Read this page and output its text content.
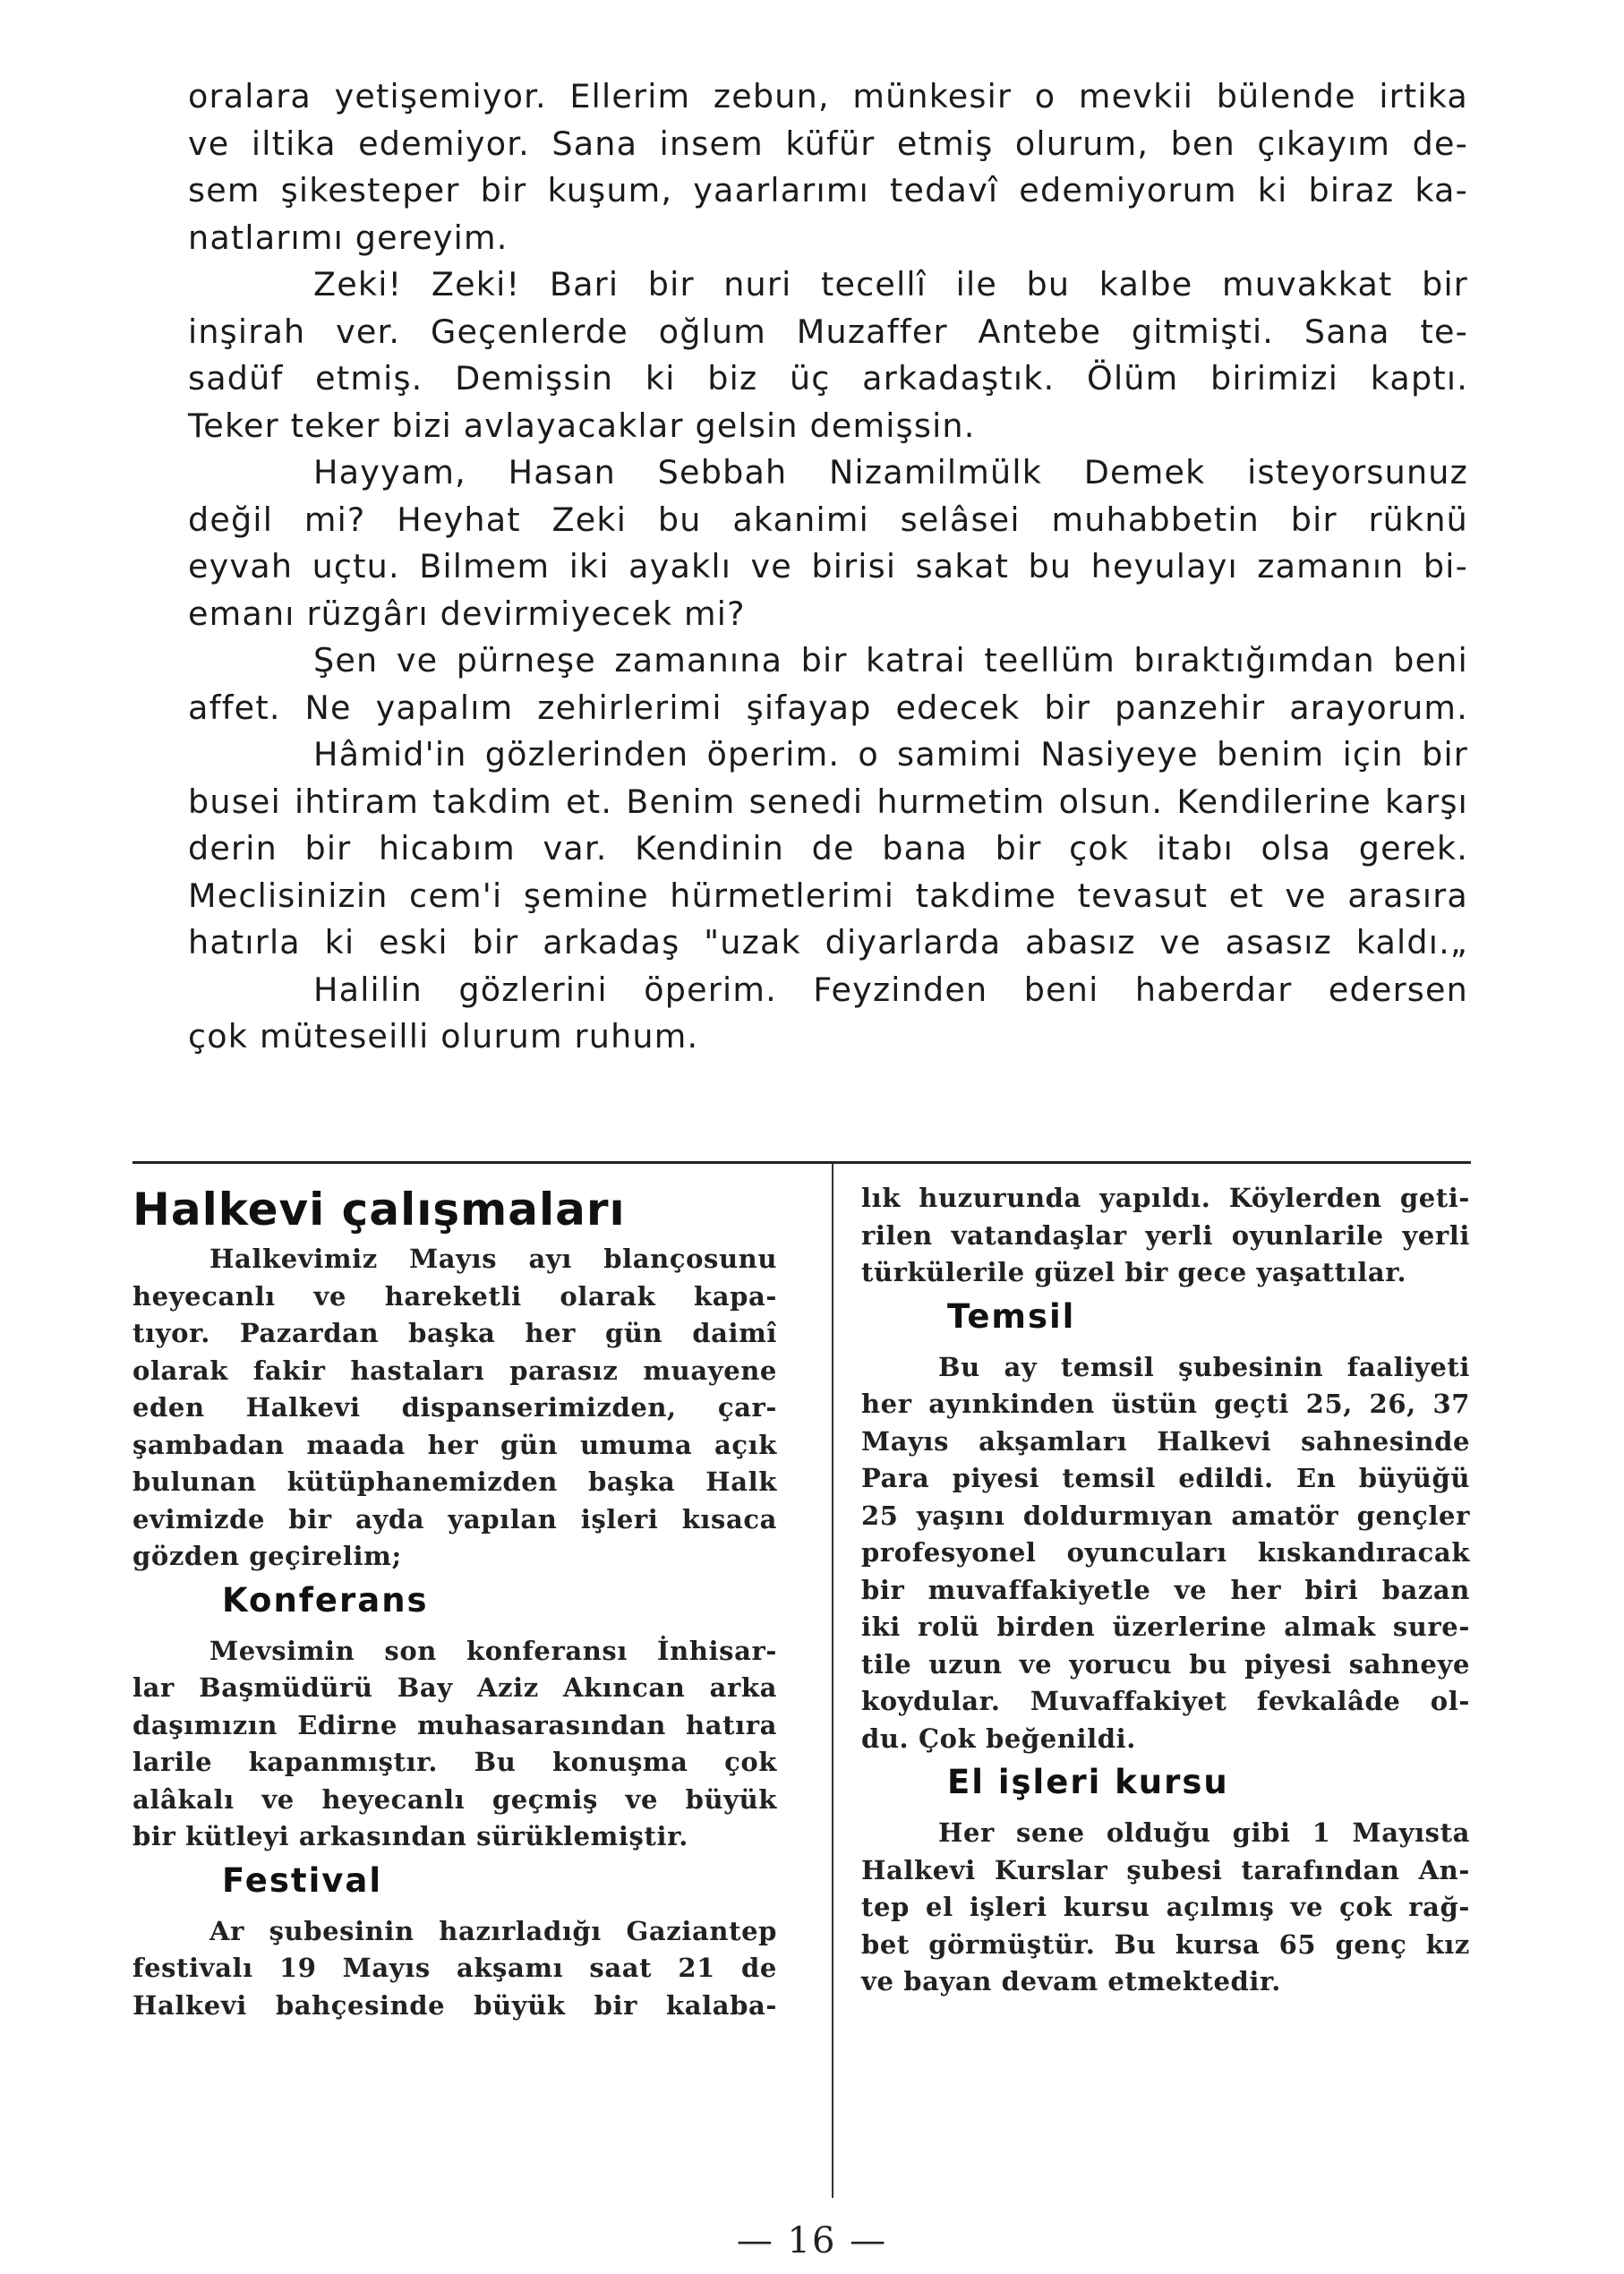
oralara yetişemiyor. Ellerim zebun, münkesir o mevkii bülende irtika

ve iltika edemiyor. Sana insem küfür etmiş olurum, ben çıkayım de-

sem şikesteper bir kuşum, yaarlarımı tedavî edemiyorum ki biraz ka-

natlarımı gereyim.

Zeki! Zeki! Bari bir nuri tecellî ile bu kalbe muvakkat bir

inşirah ver. Geçenlerde oğlum Muzaffer Antebe gitmişti. Sana te-

sadüf etmiş. Demişsin ki biz üç arkadaştık. Ölüm birimizi kaptı.

Teker teker bizi avlayacaklar gelsin demişsin.

Hayyam, Hasan Sebbah Nizamilmülk Demek isteyorsunuz

değil mi? Heyhat Zeki bu akanimi selâsei muhabbetin bir rüknü

eyvah uçtu. Bilmem iki ayaklı ve birisi sakat bu heyulayı zamanın bi-

emanı rüzgârı devirmiyecek mi?

Şen ve pürneşe zamanına bir katrai teellüm bıraktığımdan beni

affet. Ne yapalım zehirlerimi şifayap edecek bir panzehir arayorum.

Hâmid'in gözlerinden öperim. o samimi Nasiyeye benim için bir

busei ihtiram takdim et. Benim senedi hurmetim olsun. Kendilerine karşı

derin bir hicabım var. Kendinin de bana bir çok itabı olsa gerek.

Meclisinizin cem'i şemine hürmetlerimi takdime tevasut et ve arasıra

hatırla ki eski bir arkadaş "uzak diyarlarda abasız ve asasız kaldı.„

Halilin gözlerini öperim. Feyzinden beni haberdar edersen

çok müteseilli olurum ruhum.

Halkevi çalışmaları

Halkevimiz Mayıs ayı blançosunu

heyecanlı ve hareketli olarak kapa-

tıyor. Pazardan başka her gün daimî

olarak fakir hastaları parasız muayene

eden Halkevi dispanserimizden, çar-

şambadan maada her gün umuma açık

bulunan kütüphanemizden başka Halk

evimizde bir ayda yapılan işleri kısaca

gözden geçirelim;

Konferans

Mevsimin son konferansı İnhisar-

lar Başmüdürü Bay Aziz Akıncan arka

daşımızın Edirne muhasarasından hatıra

larile kapanmıştır. Bu konuşma çok

alâkalı ve heyecanlı geçmiş ve büyük

bir kütleyi arkasından sürüklemiştir.

Festival

Ar şubesinin hazırladığı Gaziantep

festivalı 19 Mayıs akşamı saat 21 de

Halkevi bahçesinde büyük bir kalaba-

lık huzurunda yapıldı. Köylerden geti-

rilen vatandaşlar yerli oyunlarile yerli

türkülerile güzel bir gece yaşattılar.

Temsil

Bu ay temsil şubesinin faaliyeti

her ayınkinden üstün geçti 25, 26, 37

Mayıs akşamları Halkevi sahnesinde

Para piyesi temsil edildi. En büyüğü

25 yaşını doldurmıyan amatör gençler

profesyonel oyuncuları kıskandıracak

bir muvaffakiyetle ve her biri bazan

iki rolü birden üzerlerine almak sure-

tile uzun ve yorucu bu piyesi sahneye

koydular. Muvaffakiyet fevkalâde ol-

du. Çok beğenildi.

El işleri kursu

Her sene olduğu gibi 1 Mayısta

Halkevi Kurslar şubesi tarafından An-

tep el işleri kursu açılmış ve çok rağ-

bet görmüştür. Bu kursa 65 genç kız

ve bayan devam etmektedir.

— 16 —
